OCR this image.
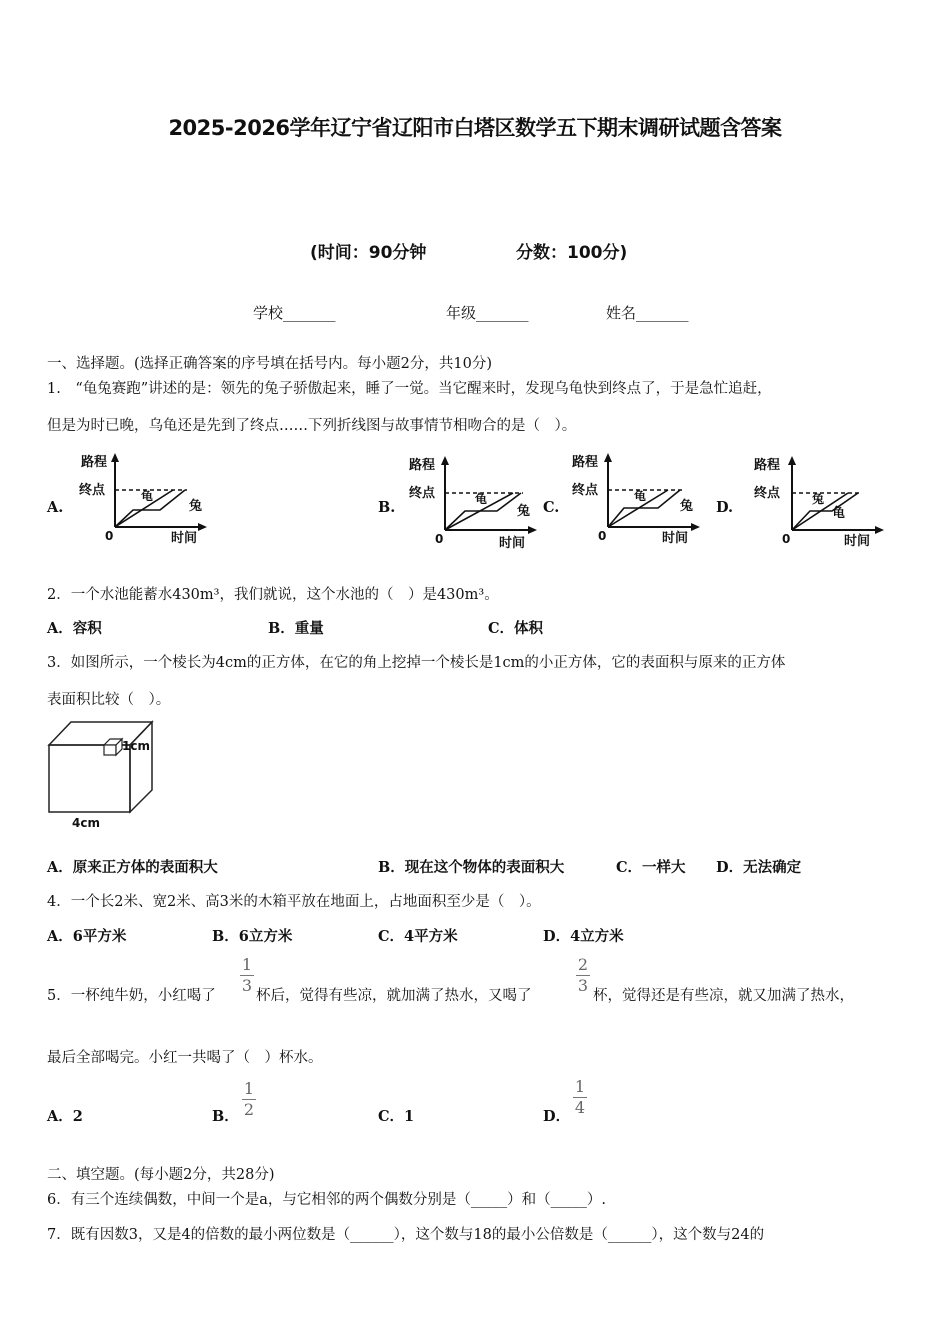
2025-2026学年辽宁省辽阳市白塔区数学五下期末调研试题含答案
(时间：90分钟	分数：100分)
学校_______	年级_______	姓名_______
一、选择题。(选择正确答案的序号填在括号内。每小题2分，共10分)
1.　“龟兔赛跑”讲述的是：领先的兔子骄傲起来，睡了一觉。当它醒来时，发现乌龟快到终点了，于是急忙追赶，
但是为时已晚，乌龟还是先到了终点……下列折线图与故事情节相吻合的是（　）。
A.	B.	C.	D.
路程
终点
0	时间
龟
兔
路程
终点
0	时间
龟
兔
路程
终点
0	时间
龟
兔
路程
终点
0	时间
兔
龟
2．一个水池能蓄水430m³，我们就说，这个水池的（　）是430m³。
A．容积	B．重量	C．体积
3．如图所示，一个棱长为4cm的正方体，在它的角上挖掉一个棱长是1cm的小正方体，它的表面积与原来的正方体
表面积比较（　）。
1cm
4cm
A．原来正方体的表面积大	B．现在这个物体的表面积大	C．一样大 D．无法确定
4．一个长2米、宽2米、高3米的木箱平放在地面上，占地面积至少是（　）。
A．6平方米	B．6立方米	C．4平方米	D．4立方米
5．一杯纯牛奶，小红喝了
1
3
杯后，觉得有些凉，就加满了热水，又喝了
2
3
杯，觉得还是有些凉，就又加满了热水，
最后全部喝完。小红一共喝了（　）杯水。
A．2	B．
1
2	C．1	D．
1
4
二、填空题。(每小题2分，共28分)
6．有三个连续偶数，中间一个是a，与它相邻的两个偶数分别是（_____）和（_____）.
7．既有因数3，又是4的倍数的最小两位数是（______），这个数与18的最小公倍数是（______），这个数与24的
